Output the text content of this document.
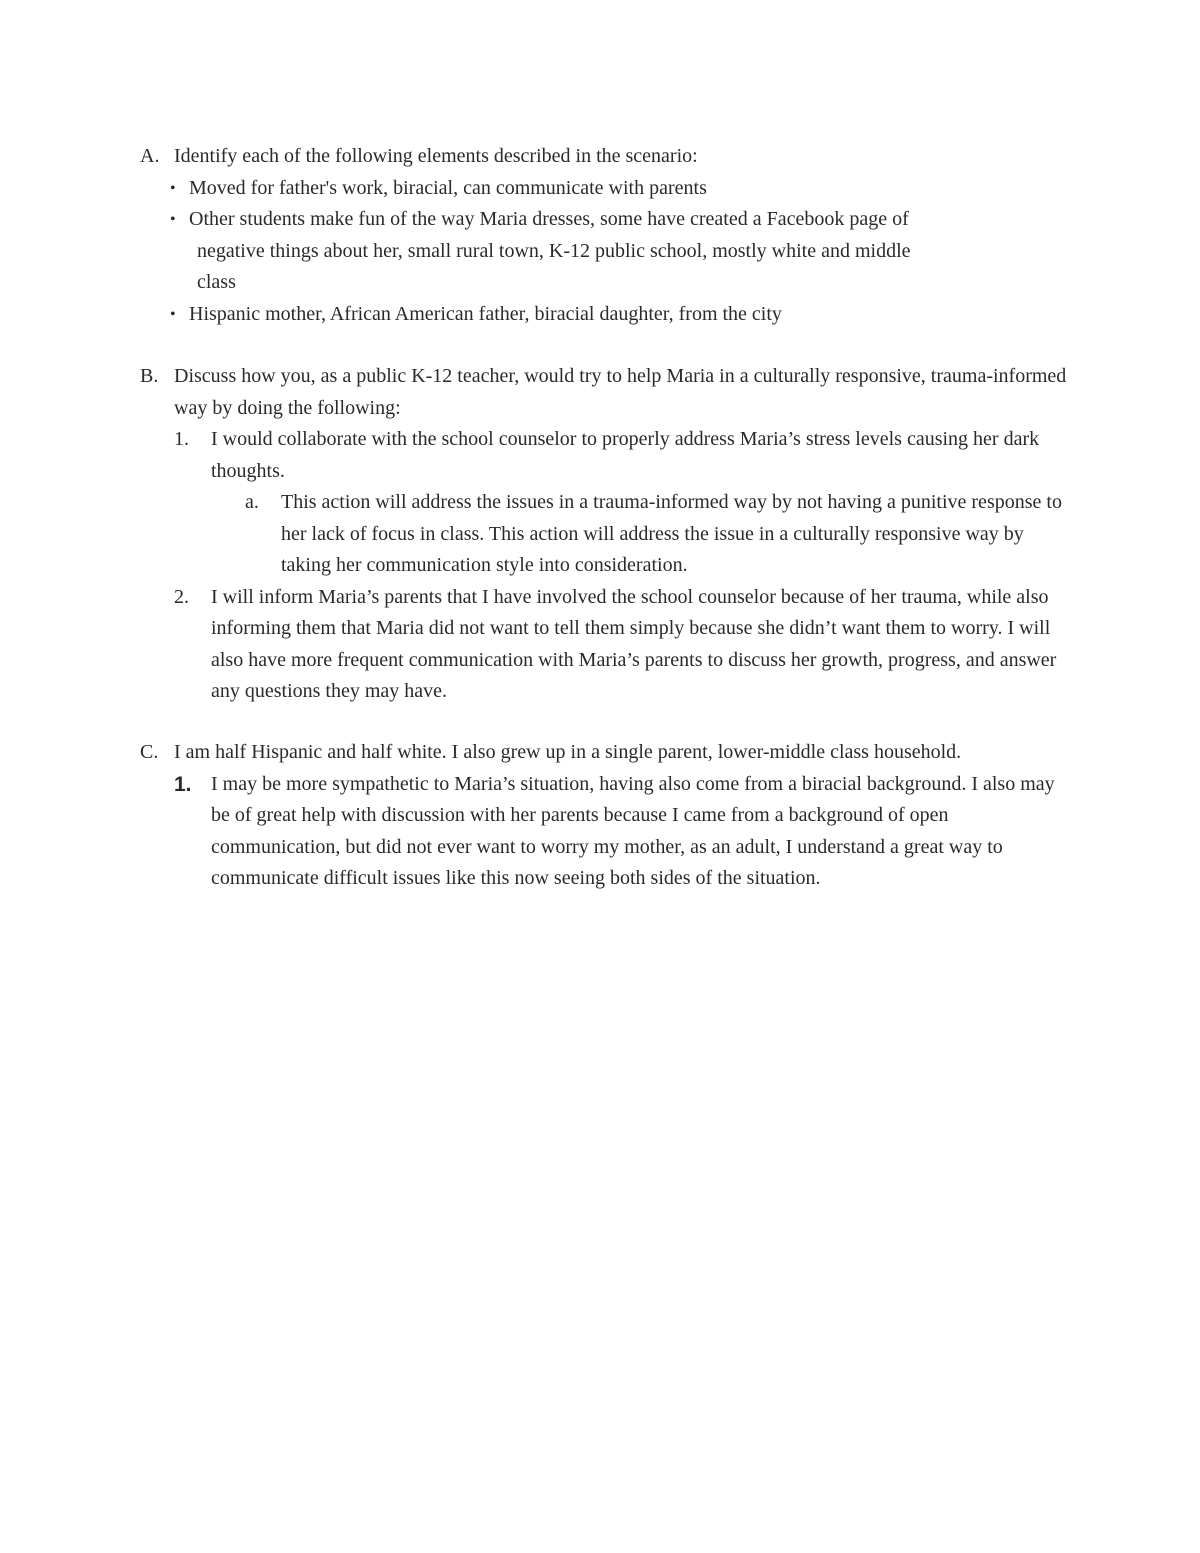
A. Identify each of the following elements described in the scenario:
• Moved for father's work, biracial, can communicate with parents
• Other students make fun of the way Maria dresses, some have created a Facebook page of
negative things about her, small rural town, K-12 public school, mostly white and middle
class
• Hispanic mother, African American father, biracial daughter, from the city
B. Discuss how you, as a public K-12 teacher, would try to help Maria in a culturally responsive, trauma-informed way by doing the following:
1.	I would collaborate with the school counselor to properly address Maria’s stress levels causing her dark thoughts.
a.	This action will address the issues in a trauma-informed way by not having a punitive response to her lack of focus in class. This action will address the issue in a culturally responsive way by taking her communication style into consideration.
2.	I will inform Maria’s parents that I have involved the school counselor because of her trauma, while also informing them that Maria did not want to tell them simply because she didn’t want them to worry. I will also have more frequent communication with Maria’s parents to discuss her growth, progress, and answer any questions they may have.
C. I am half Hispanic and half white. I also grew up in a single parent, lower-middle class household.
1. I may be more sympathetic to Maria’s situation, having also come from a biracial background. I also may be of great help with discussion with her parents because I came from a background of open communication, but did not ever want to worry my mother, as an adult, I understand a great way to communicate difficult issues like this now seeing both sides of the situation.
